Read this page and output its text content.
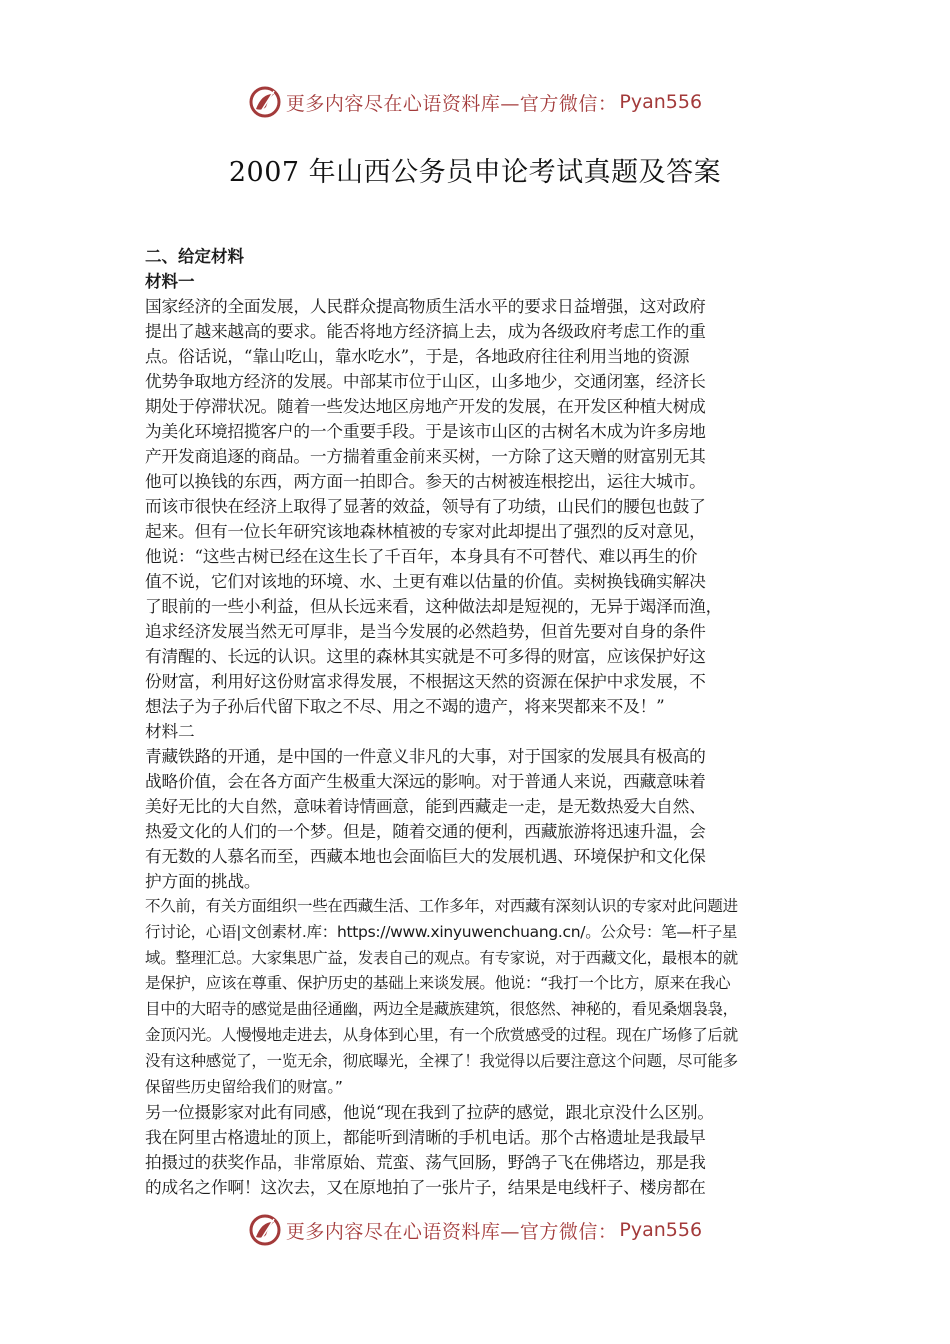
更多内容尽在心语资料库—官方微信： Pyan556
2007 年山西公务员申论考试真题及答案

二、给定材料

材料一

国家经济的全面发展，人民群众提高物质生活水平的要求日益增强，这对政府

提出了越来越高的要求。能否将地方经济搞上去，成为各级政府考虑工作的重

点。俗话说，“靠山吃山，靠水吃水”，于是，各地政府往往利用当地的资源

优势争取地方经济的发展。中部某市位于山区，山多地少，交通闭塞，经济长

期处于停滞状况。随着一些发达地区房地产开发的发展，在开发区种植大树成

为美化环境招揽客户的一个重要手段。于是该市山区的古树名木成为许多房地

产开发商追逐的商品。一方揣着重金前来买树，一方除了这天赠的财富别无其

他可以换钱的东西，两方面一拍即合。参天的古树被连根挖出，运往大城市。

而该市很快在经济上取得了显著的效益，领导有了功绩，山民们的腰包也鼓了

起来。但有一位长年研究该地森林植被的专家对此却提出了强烈的反对意见，

他说：“这些古树已经在这生长了千百年，本身具有不可替代、难以再生的价

值不说，它们对该地的环境、水、土更有难以估量的价值。卖树换钱确实解决

了眼前的一些小利益，但从长远来看，这种做法却是短视的，无异于竭泽而渔，

追求经济发展当然无可厚非，是当今发展的必然趋势，但首先要对自身的条件

有清醒的、长远的认识。这里的森林其实就是不可多得的财富，应该保护好这

份财富，利用好这份财富求得发展，不根据这天然的资源在保护中求发展，不

想法子为子孙后代留下取之不尽、用之不竭的遗产，将来哭都来不及！”

材料二

青藏铁路的开通，是中国的一件意义非凡的大事，对于国家的发展具有极高的

战略价值，会在各方面产生极重大深远的影响。对于普通人来说，西藏意味着

美好无比的大自然，意味着诗情画意，能到西藏走一走，是无数热爱大自然、

热爱文化的人们的一个梦。但是，随着交通的便利，西藏旅游将迅速升温，会

有无数的人慕名而至，西藏本地也会面临巨大的发展机遇、环境保护和文化保

护方面的挑战。

不久前，有关方面组织一些在西藏生活、工作多年，对西藏有深刻认识的专家对此问题进

行讨论，心语|文创素材.库：https://www.xinyuwenchuang.cn/。公众号：笔—杆子星

域。整理汇总。大家集思广益，发表自己的观点。有专家说，对于西藏文化，最根本的就

是保护，应该在尊重、保护历史的基础上来谈发展。他说：“我打一个比方，原来在我心

目中的大昭寺的感觉是曲径通幽，两边全是藏族建筑，很悠然、神秘的，看见桑烟袅袅，

金顶闪光。人慢慢地走进去，从身体到心里，有一个欣赏感受的过程。现在广场修了后就

没有这种感觉了，一览无余，彻底曝光，全裸了！我觉得以后要注意这个问题，尽可能多

保留些历史留给我们的财富。”

另一位摄影家对此有同感，他说“现在我到了拉萨的感觉，跟北京没什么区别。

我在阿里古格遗址的顶上，都能听到清晰的手机电话。那个古格遗址是我最早

拍摄过的获奖作品，非常原始、荒蛮、荡气回肠，野鸽子飞在佛塔边，那是我

的成名之作啊！这次去，又在原地拍了一张片子，结果是电线杆子、楼房都在

更多内容尽在心语资料库—官方微信： Pyan556
